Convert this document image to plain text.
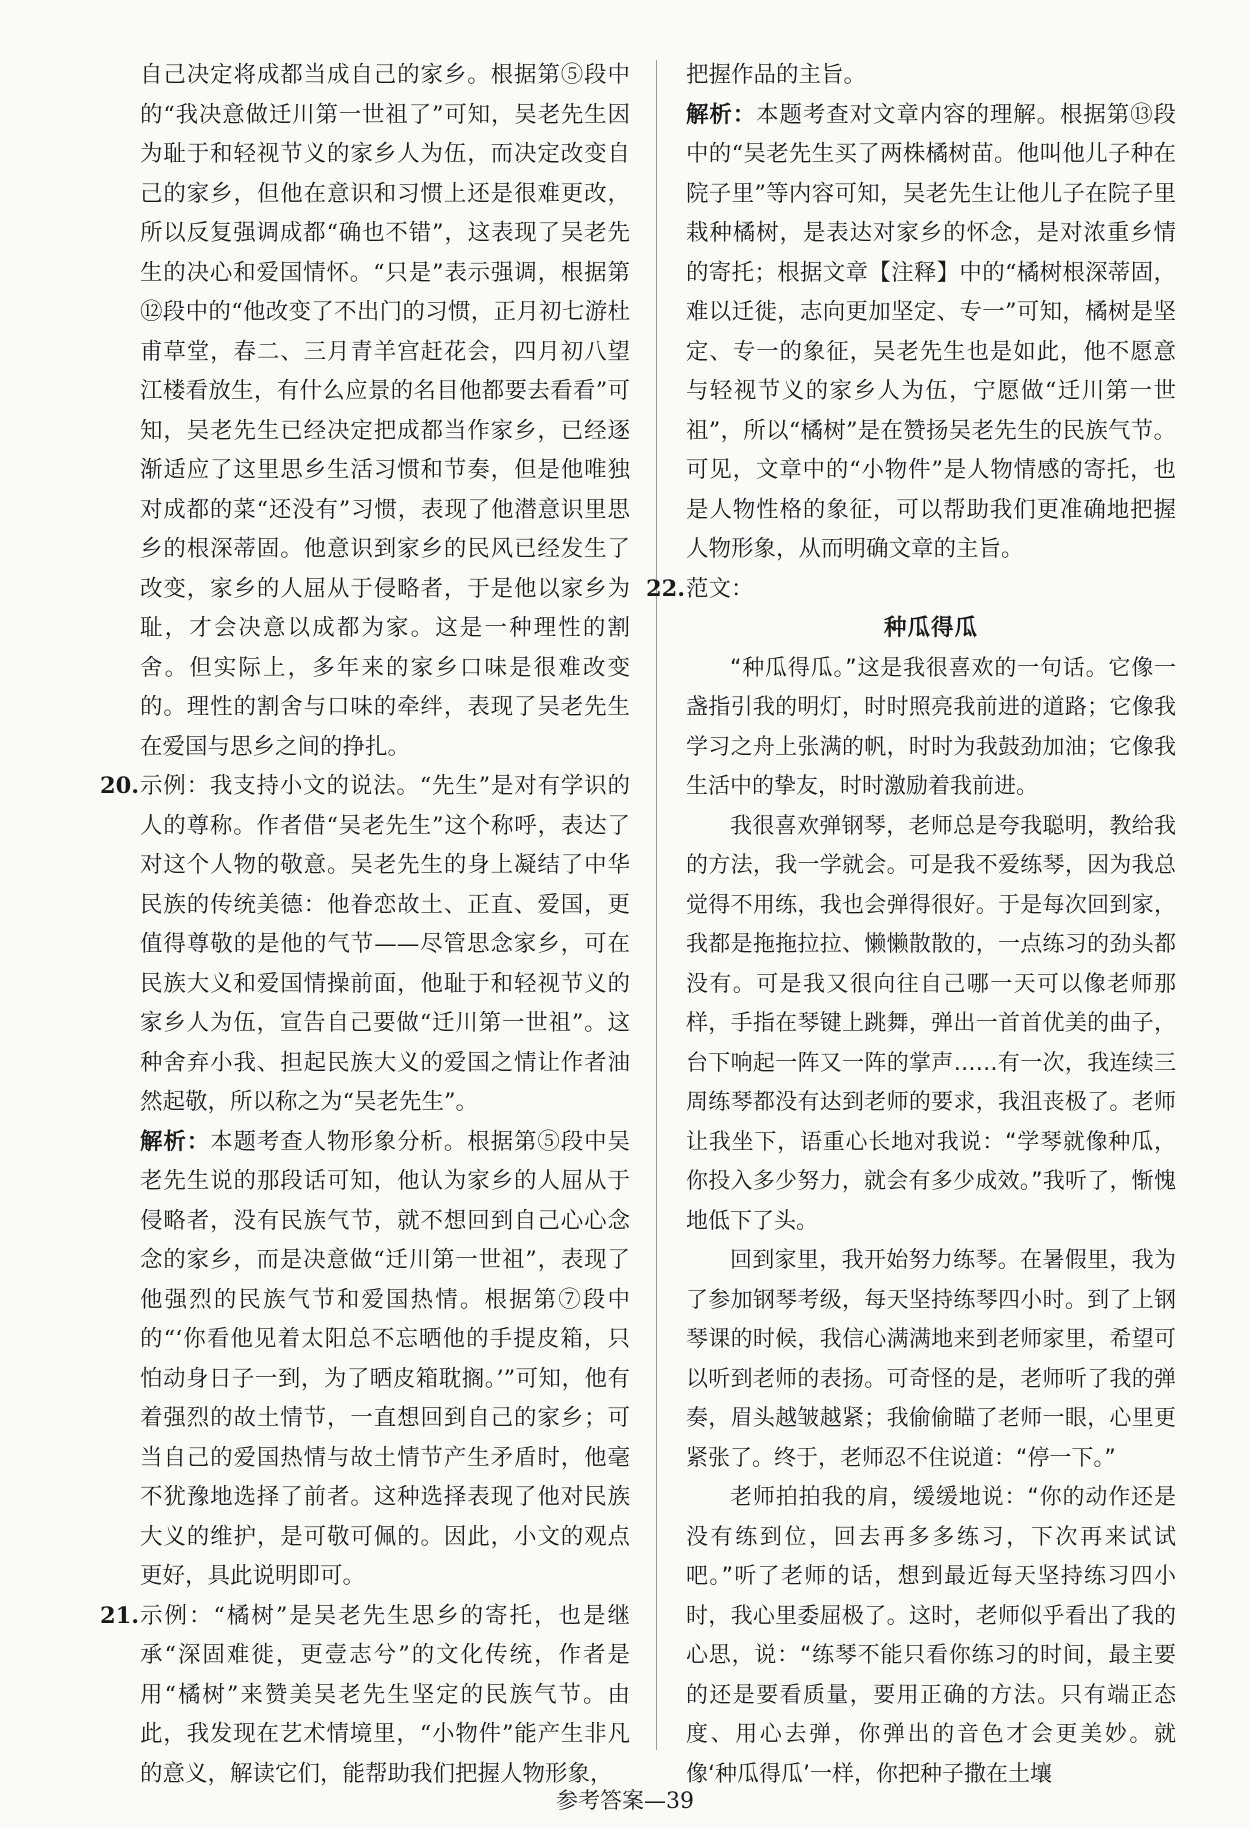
自己决定将成都当成自己的家乡。根据第⑤段中的“我决意做迁川第一世祖了”可知，吴老先生因为耻于和轻视节义的家乡人为伍，而决定改变自己的家乡，但他在意识和习惯上还是很难更改，所以反复强调成都“确也不错”，这表现了吴老先生的决心和爱国情怀。“只是”表示强调，根据第⑫段中的“他改变了不出门的习惯，正月初七游杜甫草堂，春二、三月青羊宫赶花会，四月初八望江楼看放生，有什么应景的名目他都要去看看”可知，吴老先生已经决定把成都当作家乡，已经逐渐适应了这里思乡生活习惯和节奏，但是他唯独对成都的菜“还没有”习惯，表现了他潜意识里思乡的根深蒂固。他意识到家乡的民风已经发生了改变，家乡的人屈从于侵略者，于是他以家乡为耻，才会决意以成都为家。这是一种理性的割舍。但实际上，多年来的家乡口味是很难改变的。理性的割舍与口味的牵绊，表现了吴老先生在爱国与思乡之间的挣扎。

20. 示例：我支持小文的说法。“先生”是对有学识的人的尊称。作者借“吴老先生”这个称呼，表达了对这个人物的敬意。吴老先生的身上凝结了中华民族的传统美德：他眷恋故土、正直、爱国，更值得尊敬的是他的气节——尽管思念家乡，可在民族大义和爱国情操前面，他耻于和轻视节义的家乡人为伍，宣告自己要做“迁川第一世祖”。这种舍弃小我、担起民族大义的爱国之情让作者油然起敬，所以称之为“吴老先生”。

解析：本题考查人物形象分析。根据第⑤段中吴老先生说的那段话可知，他认为家乡的人屈从于侵略者，没有民族气节，就不想回到自己心心念念的家乡，而是决意做“迁川第一世祖”，表现了他强烈的民族气节和爱国热情。根据第⑦段中的“‘你看他见着太阳总不忘晒他的手提皮箱，只怕动身日子一到，为了晒皮箱耽搁。’”可知，他有着强烈的故土情节，一直想回到自己的家乡；可当自己的爱国热情与故土情节产生矛盾时，他毫不犹豫地选择了前者。这种选择表现了他对民族大义的维护，是可敬可佩的。因此，小文的观点更好，具此说明即可。

21. 示例：“橘树”是吴老先生思乡的寄托，也是继承“深固难徙，更壹志兮”的文化传统，作者是用“橘树”来赞美吴老先生坚定的民族气节。由此，我发现在艺术情境里，“小物件”能产生非凡的意义，解读它们，能帮助我们把握人物形象，

把握作品的主旨。

解析：本题考查对文章内容的理解。根据第⑬段中的“吴老先生买了两株橘树苗。他叫他儿子种在院子里”等内容可知，吴老先生让他儿子在院子里栽种橘树，是表达对家乡的怀念，是对浓重乡情的寄托；根据文章【注释】中的“橘树根深蒂固，难以迁徙，志向更加坚定、专一”可知，橘树是坚定、专一的象征，吴老先生也是如此，他不愿意与轻视节义的家乡人为伍，宁愿做“迁川第一世祖”，所以“橘树”是在赞扬吴老先生的民族气节。可见，文章中的“小物件”是人物情感的寄托，也是人物性格的象征，可以帮助我们更准确地把握人物形象，从而明确文章的主旨。

22. 范文：

种瓜得瓜

“种瓜得瓜。”这是我很喜欢的一句话。它像一盏指引我的明灯，时时照亮我前进的道路；它像我学习之舟上张满的帆，时时为我鼓劲加油；它像我生活中的挚友，时时激励着我前进。

我很喜欢弹钢琴，老师总是夸我聪明，教给我的方法，我一学就会。可是我不爱练琴，因为我总觉得不用练，我也会弹得很好。于是每次回到家，我都是拖拖拉拉、懒懒散散的，一点练习的劲头都没有。可是我又很向往自己哪一天可以像老师那样，手指在琴键上跳舞，弹出一首首优美的曲子，台下响起一阵又一阵的掌声……有一次，我连续三周练琴都没有达到老师的要求，我沮丧极了。老师让我坐下，语重心长地对我说：“学琴就像种瓜，你投入多少努力，就会有多少成效。”我听了，惭愧地低下了头。

回到家里，我开始努力练琴。在暑假里，我为了参加钢琴考级，每天坚持练琴四小时。到了上钢琴课的时候，我信心满满地来到老师家里，希望可以听到老师的表扬。可奇怪的是，老师听了我的弹奏，眉头越皱越紧；我偷偷瞄了老师一眼，心里更紧张了。终于，老师忍不住说道：“停一下。”

老师拍拍我的肩，缓缓地说：“你的动作还是没有练到位，回去再多多练习，下次再来试试吧。”听了老师的话，想到最近每天坚持练习四小时，我心里委屈极了。这时，老师似乎看出了我的心思，说：“练琴不能只看你练习的时间，最主要的还是要看质量，要用正确的方法。只有端正态度、用心去弹，你弹出的音色才会更美妙。就像‘种瓜得瓜’一样，你把种子撒在土壤

参考答案—39
